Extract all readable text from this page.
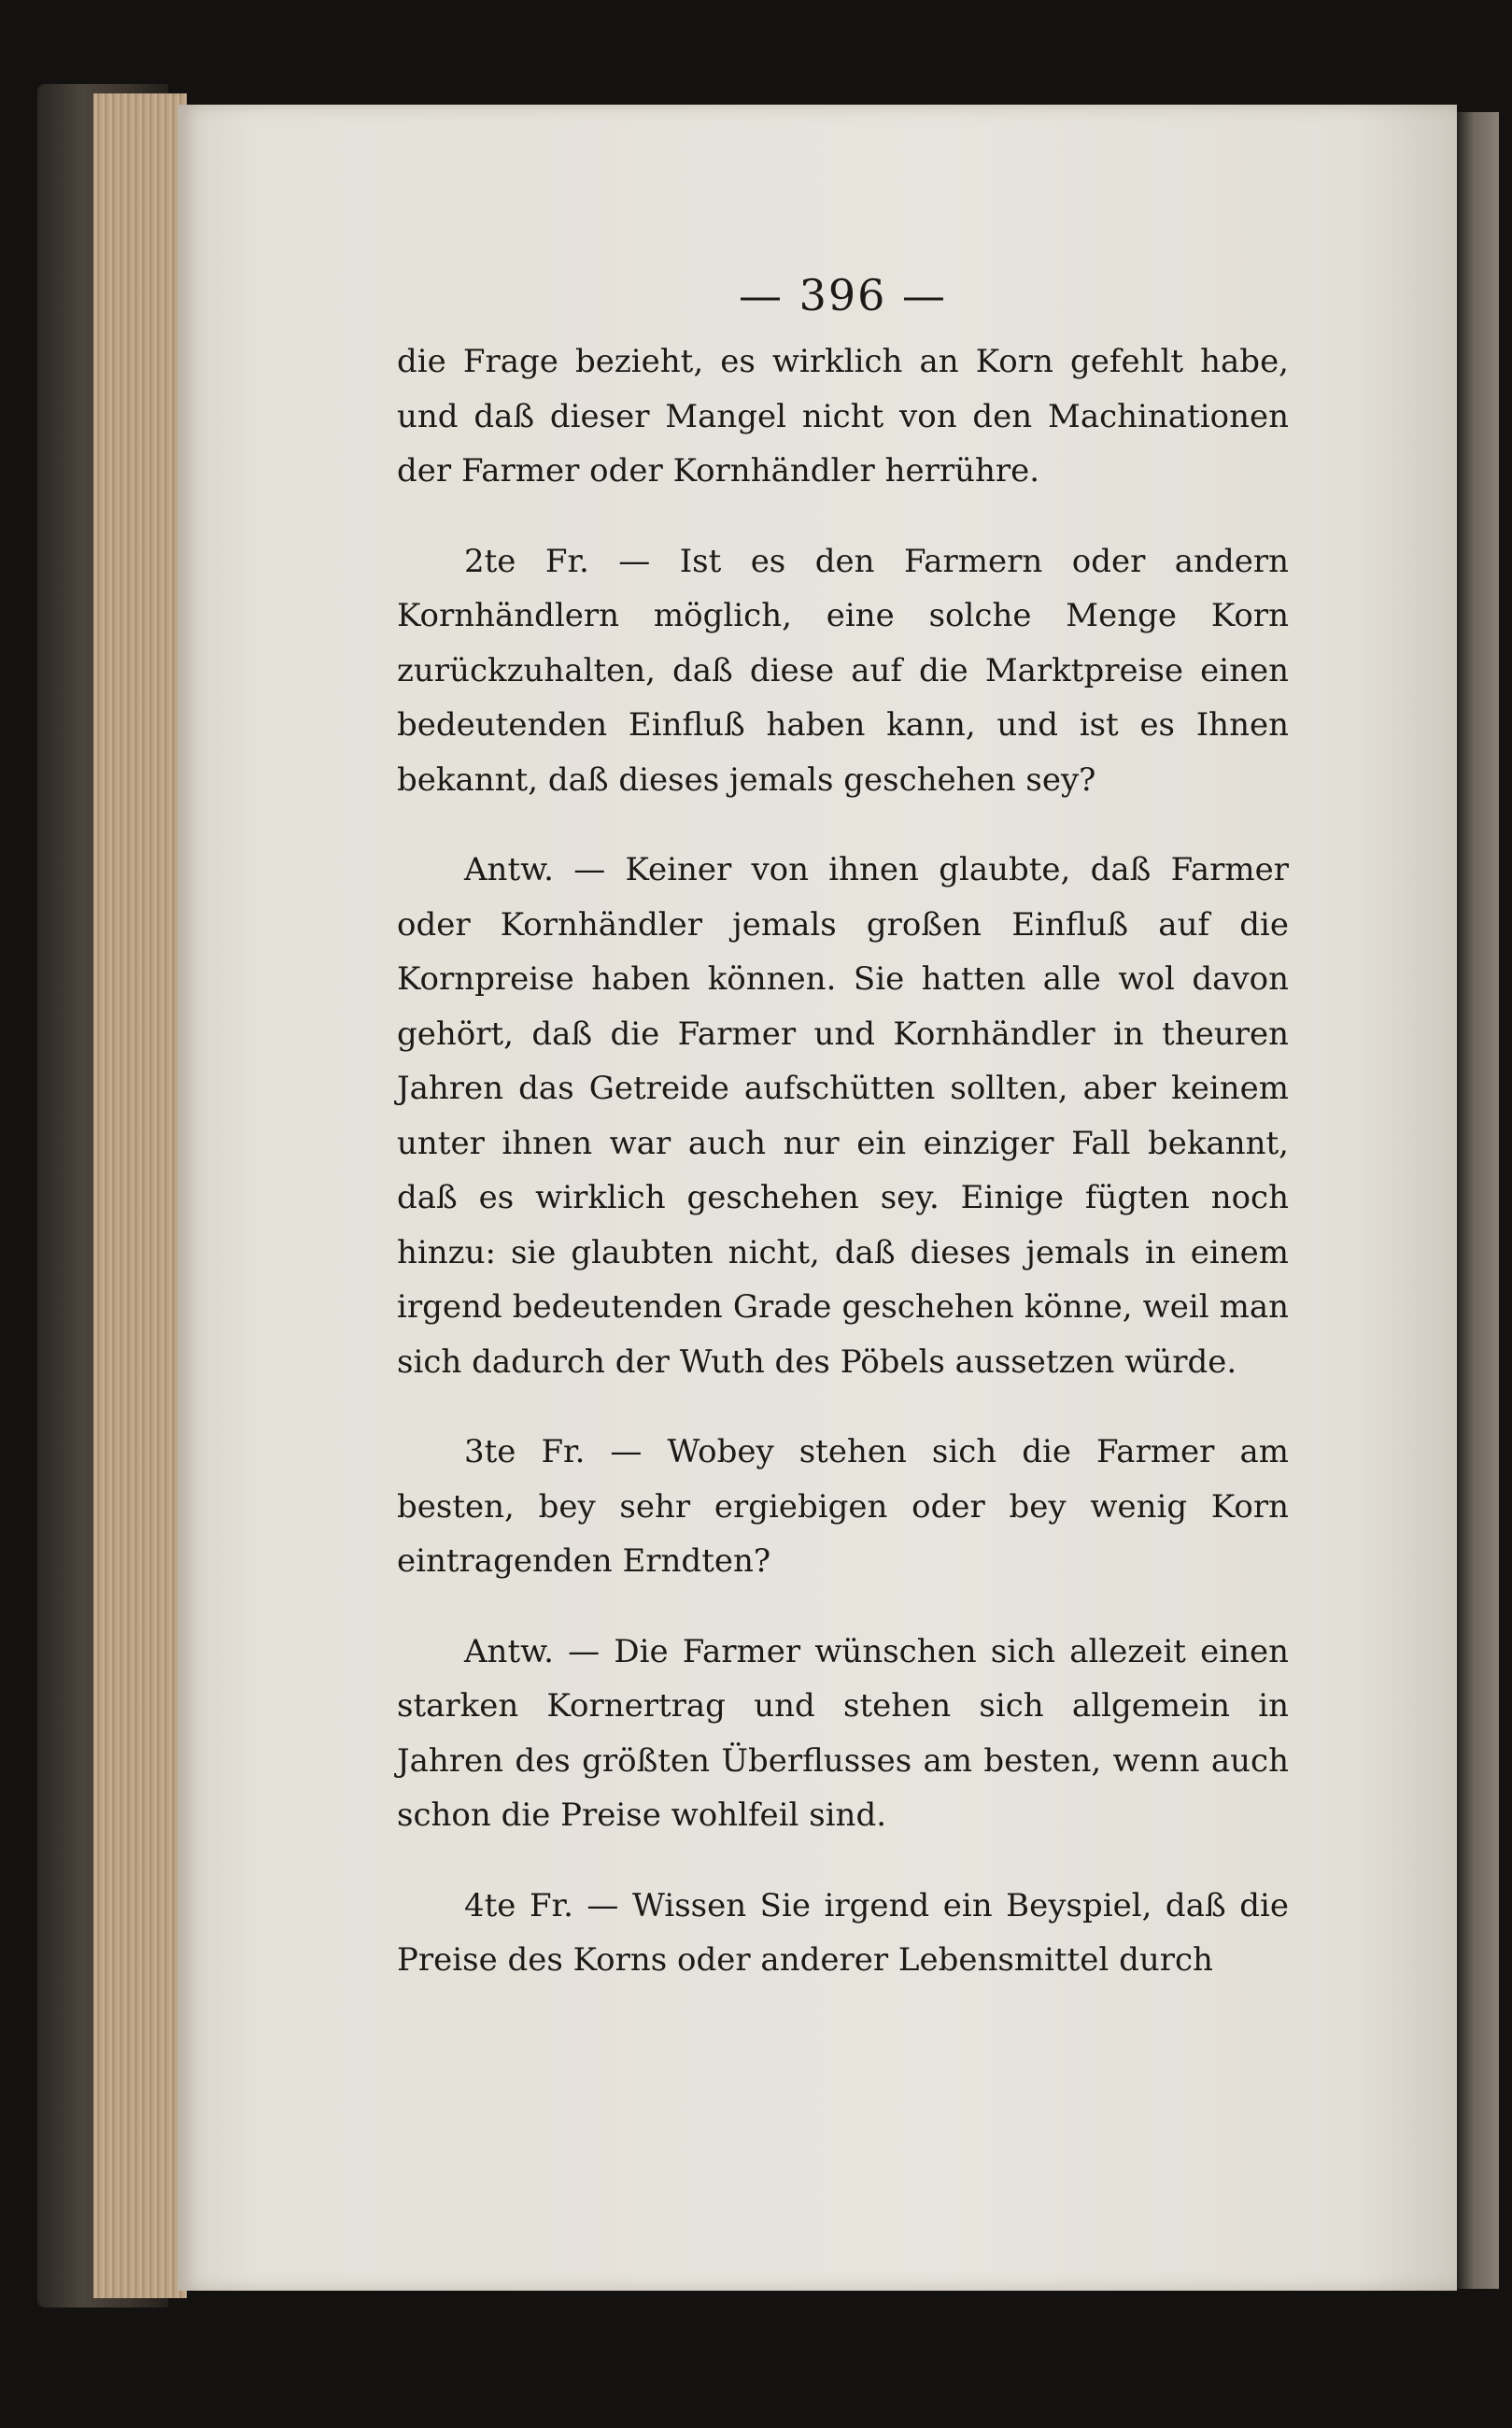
— 396 —

die Frage bezieht, es wirklich an Korn gefehlt habe, und daß dieser Mangel nicht von den Machinationen der Farmer oder Kornhändler herrühre.

2te Fr. — Ist es den Farmern oder andern Kornhändlern möglich, eine solche Menge Korn zurückzuhalten, daß diese auf die Marktpreise einen bedeutenden Einfluß haben kann, und ist es Ihnen bekannt, daß dieses jemals geschehen sey?

Antw. — Keiner von ihnen glaubte, daß Farmer oder Kornhändler jemals großen Einfluß auf die Kornpreise haben können. Sie hatten alle wol davon gehört, daß die Farmer und Kornhändler in theuren Jahren das Getreide aufschütten sollten, aber keinem unter ihnen war auch nur ein einziger Fall bekannt, daß es wirklich geschehen sey. Einige fügten noch hinzu: sie glaubten nicht, daß dieses jemals in einem irgend bedeutenden Grade geschehen könne, weil man sich dadurch der Wuth des Pöbels aussetzen würde.

3te Fr. — Wobey stehen sich die Farmer am besten, bey sehr ergiebigen oder bey wenig Korn eintragenden Erndten?

Antw. — Die Farmer wünschen sich allezeit einen starken Kornertrag und stehen sich allgemein in Jahren des größten Überflusses am besten, wenn auch schon die Preise wohlfeil sind.

4te Fr. — Wissen Sie irgend ein Beyspiel, daß die Preise des Korns oder anderer Lebensmittel durch
